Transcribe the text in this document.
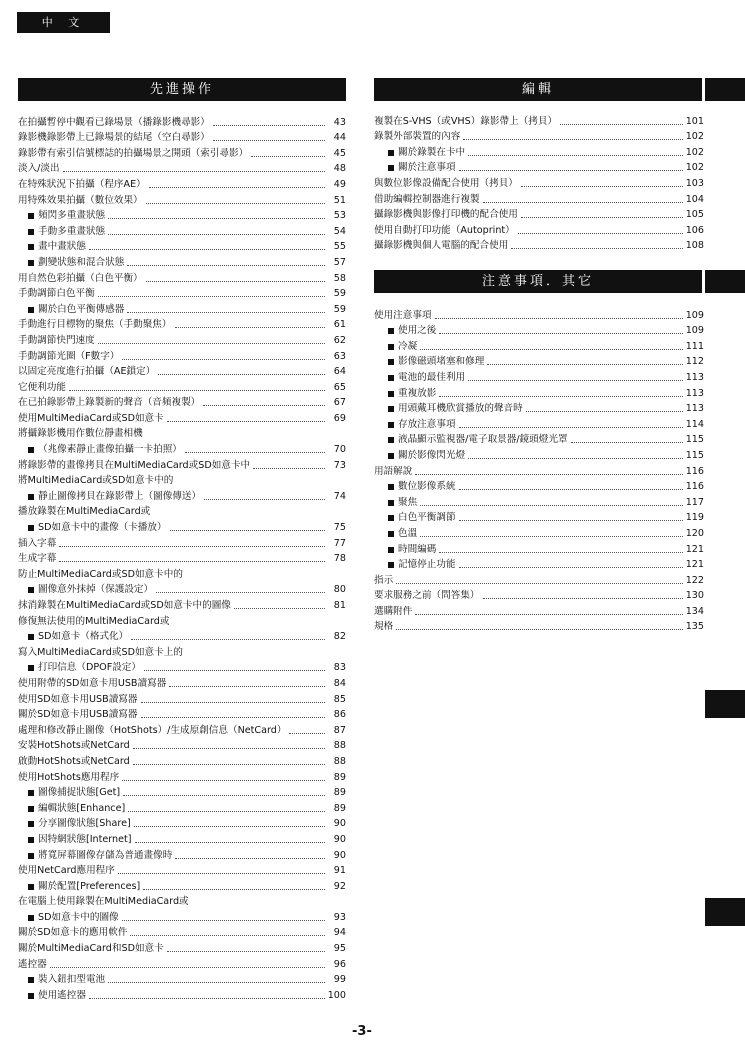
中 文
先進操作	編輯
注意事項．其它
在拍攝暫停中觀看已錄場景（播錄影機尋影）	43
錄影機錄影帶上已錄場景的結尾（空白尋影）	44
錄影帶有索引信號標誌的拍攝場景之開頭（索引尋影）	45
淡入/淡出	48
在特殊狀況下拍攝（程序AE）	49
用特殊效果拍攝（數位效果）	51
頻閃多重畫狀態	53
手動多重畫狀態	54
畫中畫狀態	55
劃變狀態和混合狀態	57
用自然色彩拍攝（白色平衡）	58
手動調節白色平衡	59
關於白色平衡傳感器	59
手動進行目標物的聚焦（手動聚焦）	61
手動調節快門速度	62
手動調節光圈（F數字）	63
以固定亮度進行拍攝（AE鎖定）	64
它便利功能	65
在已拍錄影帶上錄製新的聲音（音頻複製）	67
使用MultiMediaCard或SD如意卡	69
將攝錄影機用作數位靜畫相機
（兆像素靜止畫像拍攝一卡拍照）	70
將錄影帶的畫像拷貝在MultiMediaCard或SD如意卡中	73
將MultiMediaCard或SD如意卡中的
靜止圖像拷貝在錄影帶上（圖像傳送）	74
播放錄製在MultiMediaCard或
SD如意卡中的畫像（卡播放）	75
插入字幕	77
生成字幕	78
防止MultiMediaCard或SD如意卡中的
圖像意外抹掉（保護設定）	80
抹消錄製在MultiMediaCard或SD如意卡中的圖像	81
修復無法使用的MultiMediaCard或
SD如意卡（格式化）	82
寫入MultiMediaCard或SD如意卡上的
打印信息（DPOF設定）	83
使用附帶的SD如意卡用USB讀寫器	84
使用SD如意卡用USB讀寫器	85
關於SD如意卡用USB讀寫器	86
處理和修改靜止圖像（HotShots）/生成原創信息（NetCard）	87
安裝HotShots或NetCard	88
啟動HotShots或NetCard	88
使用HotShots應用程序	89
圖像捕捉狀態[Get]	89
編輯狀態[Enhance]	89
分享圖像狀態[Share]	90
因特網狀態[Internet]	90
將寬屏幕圖像存儲為普通畫像時	90
使用NetCard應用程序	91
關於配置[Preferences]	92
在電腦上使用錄製在MultiMediaCard或
SD如意卡中的圖像	93
關於SD如意卡的應用軟件	94
關於MultiMediaCard和SD如意卡	95
遙控器	96
裝入鈕扣型電池	99
使用遙控器	100
複製在S-VHS（或VHS）錄影帶上（拷貝）	101
錄製外部裝置的內容	102
關於錄製在卡中	102
關於注意事項	102
與數位影像設備配合使用（拷貝）	103
借助編輯控制器進行複製	104
攝錄影機與影像打印機的配合使用	105
使用自動打印功能（Autoprint）	106
攝錄影機與個人電腦的配合使用	108
使用注意事項	109
使用之後	109
冷凝	111
影像磁頭堵塞和修理	112
電池的最佳利用	113
重複放影	113
用頭戴耳機欣賞播放的聲音時	113
存放注意事項	114
液晶顯示監視器/電子取景器/鏡頭燈光罩	115
關於影像閃光燈	115
用語解說	116
數位影像系統	116
聚焦	117
白色平衡調節	119
色溫	120
時間編碼	121
記憶停止功能	121
指示	122
要求服務之前（問答集）	130
選購附件	134
規格	135
-3-
